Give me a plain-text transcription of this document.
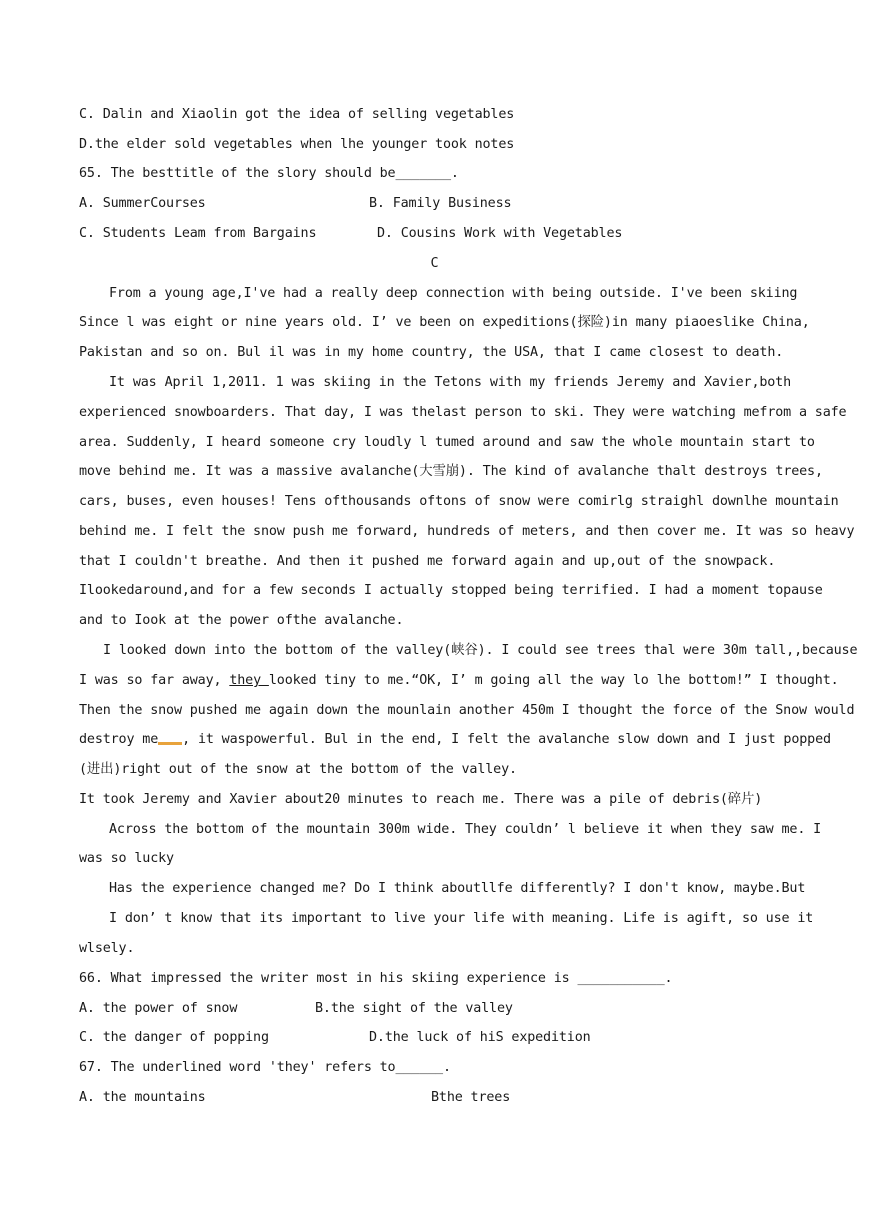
C. Dalin and Xiaolin got the idea of selling vegetables
D.the elder sold vegetables when lhe younger took notes
65. The besttitle of the slory should be_______.
A. SummerCourses	B. Family Business
C. Students Leam from Bargains	D. Cousins Work with Vegetables
C
From a young age,I've had a really deep connection with being outside. I've been skiing
Since l was eight or nine years old. I’ ve been on expeditions(探险)in many piaoeslike China,
Pakistan and so on. Bul il was in my home country, the USA, that I came closest to death.
It was April 1,2011. 1 was skiing in the Tetons with my friends Jeremy and Xavier,both
experienced snowboarders. That day, I was thelast person to ski. They were watching mefrom a safe
area. Suddenly, I heard someone cry loudly l tumed around and saw the whole mountain start to
move behind me. It was a massive avalanche(大雪崩). The kind of avalanche thalt destroys trees,
cars, buses, even houses! Tens ofthousands oftons of snow were comirlg straighl downlhe mountain
behind me. I felt the snow push me forward, hundreds of meters, and then cover me. It was so heavy
that I couldn't breathe. And then it pushed me forward again and up,out of the snowpack.
Ilookedaround,and for a few seconds I actually stopped being terrified. I had a moment topause
and to Iook at the power ofthe avalanche.
I looked down into the bottom of the valley(峡谷). I could see trees thal were 30m tall,,because
I was so far away, they looked tiny to me.“OK, I’ m going all the way lo lhe bottom!” I thought.
Then the snow pushed me again down the mounlain another 450m I thought the force of the Snow would
destroy me , it waspowerful. Bul in the end, I felt the avalanche slow down and I just popped
(进出)right out of the snow at the bottom of the valley.
It took Jeremy and Xavier about20 minutes to reach me. There was a pile of debris(碎片)
Across the bottom of the mountain 300m wide. They couldn’ l believe it when they saw me. I
was so lucky
Has the experience changed me? Do I think aboutllfe differently? I don't know, maybe.But
I don’ t know that its important to live your life with meaning. Life is agift, so use it
wlsely.
66. What impressed the writer most in his skiing experience is ___________.
A. the power of snow	B.the sight of the valley
C. the danger of popping	D.the luck of hiS expedition
67. The underlined word 'they' refers to______.
A. the mountains	Bthe trees
